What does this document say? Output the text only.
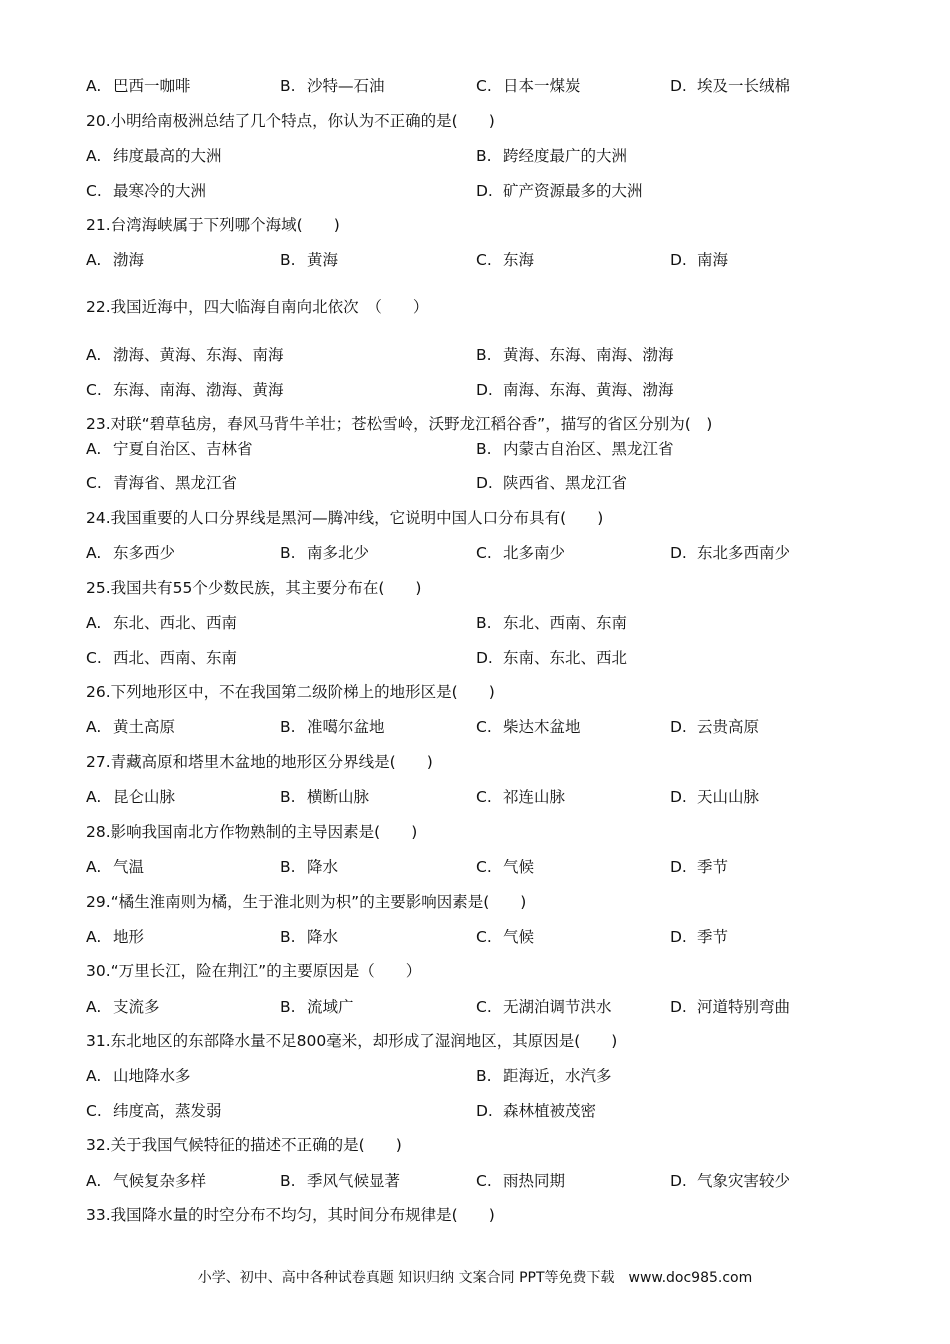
A. 巴西一咖啡	B. 沙特—石油	C. 日本一煤炭	D. 埃及一长绒棉
20.小明给南极洲总结了几个特点，你认为不正确的是(　　)
A. 纬度最高的大洲	B. 跨经度最广的大洲
C. 最寒冷的大洲	D. 矿产资源最多的大洲
21.台湾海峡属于下列哪个海域(　　)
A. 渤海	B. 黄海	C. 东海	D. 南海
22.我国近海中，四大临海自南向北依次　（　　）
A. 渤海、黄海、东海、南海	B. 黄海、东海、南海、渤海
C. 东海、南海、渤海、黄海	D. 南海、东海、黄海、渤海
23.对联“碧草毡房，春风马背牛羊壮；苍松雪岭，沃野龙江稻谷香”，描写的省区分别为(　)
A. 宁夏自治区、吉林省	B. 内蒙古自治区、黑龙江省
C. 青海省、黑龙江省	D. 陕西省、黑龙江省
24.我国重要的人口分界线是黑河—腾冲线，它说明中国人口分布具有(　　)
A. 东多西少	B. 南多北少	C. 北多南少	D. 东北多西南少
25.我国共有55个少数民族，其主要分布在(　　)
A. 东北、西北、西南	B. 东北、西南、东南
C. 西北、西南、东南	D. 东南、东北、西北
26.下列地形区中，不在我国第二级阶梯上的地形区是(　　)
A. 黄土高原	B. 准噶尔盆地	C. 柴达木盆地	D. 云贵高原
27.青藏高原和塔里木盆地的地形区分界线是(　　)
A. 昆仑山脉	B. 横断山脉	C. 祁连山脉	D. 天山山脉
28.影响我国南北方作物熟制的主导因素是(　　)
A. 气温	B. 降水	C. 气候	D. 季节
29.“橘生淮南则为橘，生于淮北则为枳”的主要影响因素是(　　)
A. 地形	B. 降水	C. 气候	D. 季节
30.“万里长江，险在荆江”的主要原因是（　　）
A. 支流多	B. 流域广	C. 无湖泊调节洪水	D. 河道特别弯曲
31.东北地区的东部降水量不足800毫米，却形成了湿润地区，其原因是(　　)
A. 山地降水多	B. 距海近，水汽多
C. 纬度高，蒸发弱	D. 森林植被茂密
32.关于我国气候特征的描述不正确的是(　　)
A. 气候复杂多样	B. 季风气候显著	C. 雨热同期	D. 气象灾害较少
33.我国降水量的时空分布不均匀，其时间分布规律是(　　)
小学、初中、高中各种试卷真题 知识归纳 文案合同 PPT等免费下载　www.doc985.com
